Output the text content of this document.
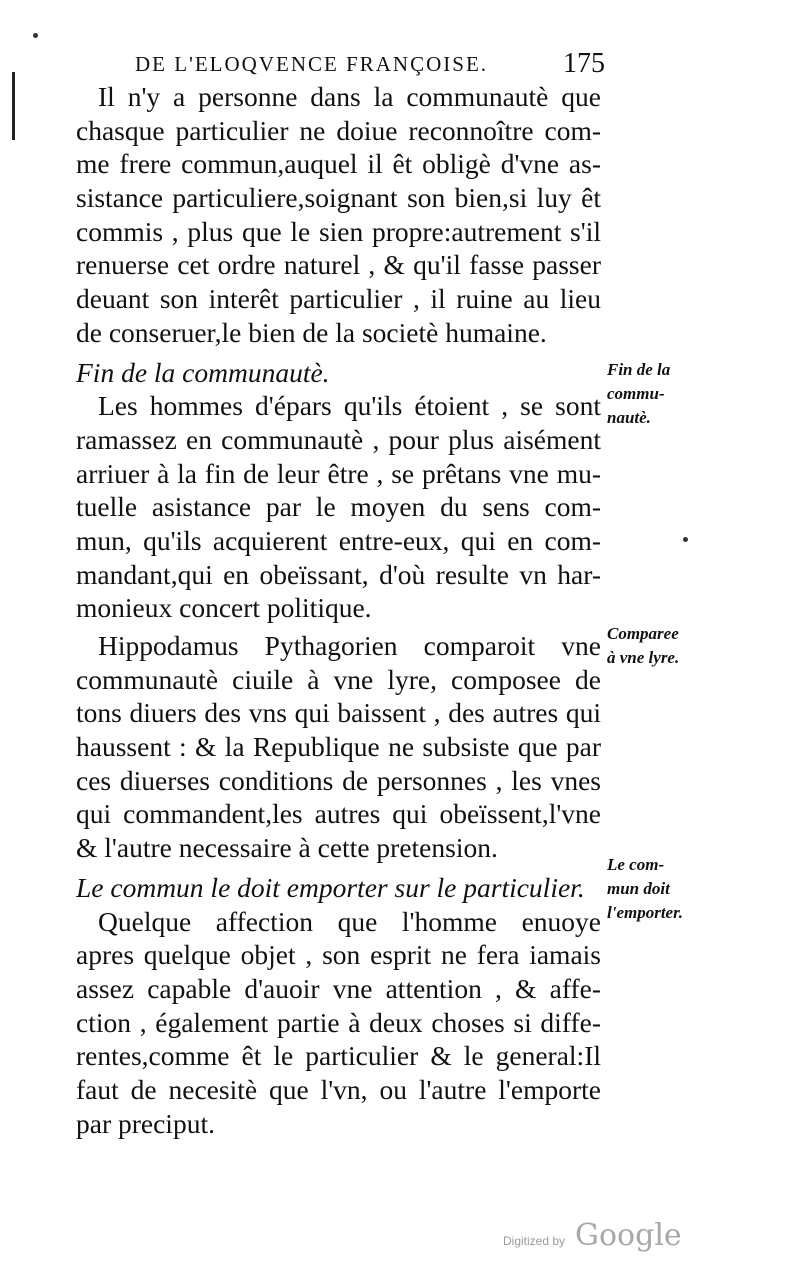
DE L'ELOQVENCE FRANÇOISE.	175
Il n'y a personne dans la communautè que
chasque particulier ne doiue reconnoître com-
me frere commun,auquel il êt obligè d'vne as-
sistance particuliere,soignant son bien,si luy êt
commis , plus que le sien propre:autrement s'il
renuerse cet ordre naturel , & qu'il fasse passer
deuant son interêt particulier , il ruine au lieu
de conseruer,le bien de la societè humaine.
Fin de la communautè.
Les hommes d'épars qu'ils étoient , se sont
ramassez en communautè , pour plus aisément
arriuer à la fin de leur être , se prêtans vne mu-
tuelle asistance par le moyen du sens com-
mun, qu'ils acquierent entre-eux, qui en com-
mandant,qui en obeïssant, d'où resulte vn har-
monieux concert politique.
Hippodamus Pythagorien comparoit vne
communautè ciuile à vne lyre, composee de
tons diuers des vns qui baissent , des autres qui
haussent : & la Republique ne subsiste que par
ces diuerses conditions de personnes , les vnes
qui commandent,les autres qui obeïssent,l'vne
& l'autre necessaire à cette pretension.
Le commun le doit emporter sur le particulier.
Quelque affection que l'homme enuoye
apres quelque objet , son esprit ne fera iamais
assez capable d'auoir vne attention , & affe-
ction , également partie à deux choses si diffe-
rentes,comme êt le particulier & le general:Il
faut de necesitè que l'vn, ou l'autre l'emporte
par preciput.
Fin de la
commu-
nautè.
Comparee
à vne lyre.
Le com-
mun doit
l'emporter.
Digitized by Google
